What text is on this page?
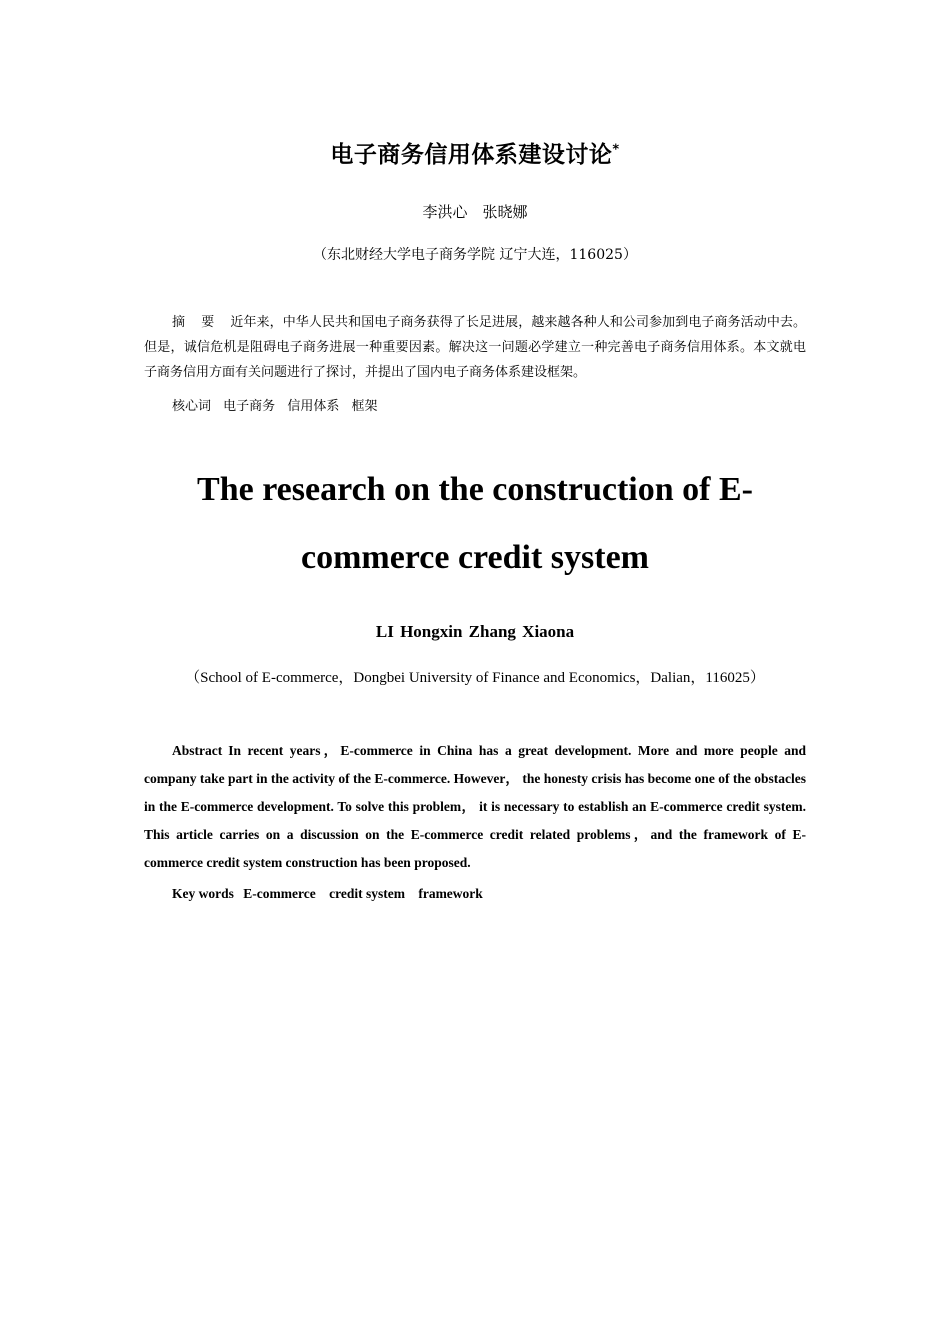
电子商务信用体系建设讨论*
李洪心　张晓娜
（东北财经大学电子商务学院 辽宁大连，116025）
摘 要 近年来，中华人民共和国电子商务获得了长足进展，越来越各种人和公司参加到电子商务活动中去。但是，诚信危机是阻碍电子商务进展一种重要因素。解决这一问题必学建立一种完善电子商务信用体系。本文就电子商务信用方面有关问题进行了探讨，并提出了国内电子商务体系建设框架。
核心词 电子商务 信用体系 框架
The research on the construction of E-commerce credit system
LI Hongxin Zhang Xiaona
（School of E-commerce，Dongbei University of Finance and Economics，Dalian，116025）
Abstract In recent years，E-commerce in China has a great development. More and more people and company take part in the activity of the E-commerce. However， the honesty crisis has become one of the obstacles in the E-commerce development. To solve this problem， it is necessary to establish an E-commerce credit system. This article carries on a discussion on the E-commerce credit related problems，and the framework of E-commerce credit system construction has been proposed.
Key words E-commerce credit system framework
